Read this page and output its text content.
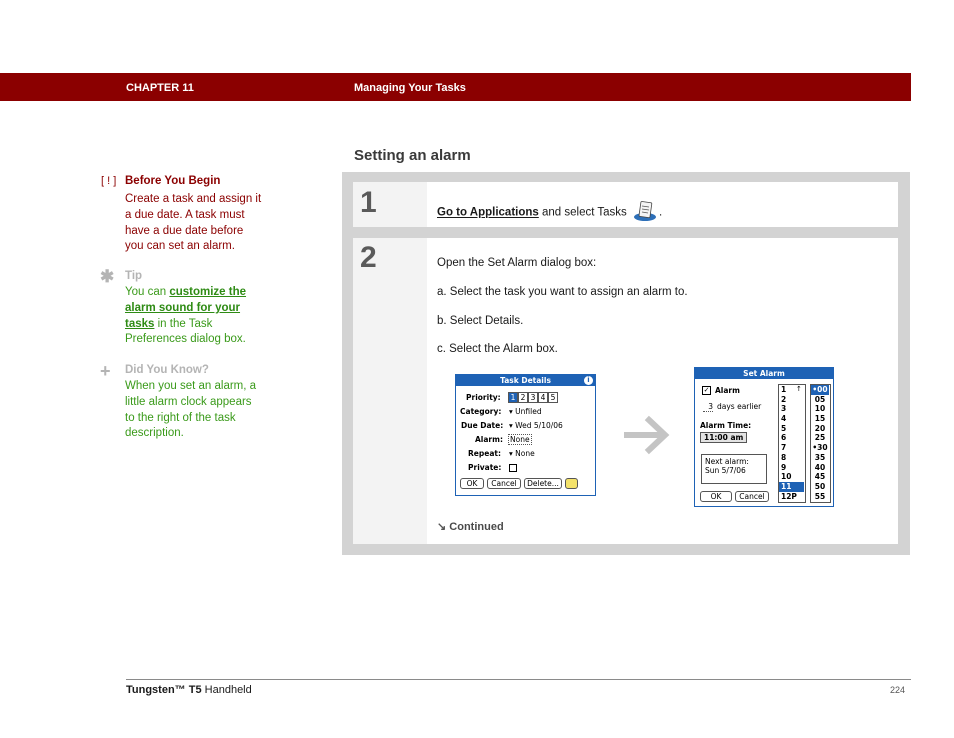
CHAPTER 11	Managing Your Tasks
Setting an alarm
[ ! ] Before You Begin
Create a task and assign it
a due date. A task must
have a due date before
you can set an alarm.
✱ Tip
You can customize the
alarm sound for your
tasks in the Task
Preferences dialog box.
+ Did You Know?
When you set an alarm, a
little alarm clock appears
to the right of the task
description.
1	Go to Applications and select Tasks	.
2	Open the Set Alarm dialog box:
a. Select the task you want to assign an alarm to.
b. Select Details.
c. Select the Alarm box.
Task Details	i
Priority:	1 2 3 4 5
Category: ▾ Unfiled
Due Date: ▾ Wed 5/10/06
Alarm: None
Repeat: ▾ None
Private:
OK	Cancel	Delete...
Set Alarm
✓ Alarm
3 days earlier
Alarm Time:
11:00 am
Next alarm:
Sun 5/7/06
OK	Cancel
↑
1
2
3
4
5
6
7
8
9
10
11
12P
•00
05
10
15
20
25
•30
35
40
45
50
55
↘ Continued
Tungsten™ T5 Handheld	224
